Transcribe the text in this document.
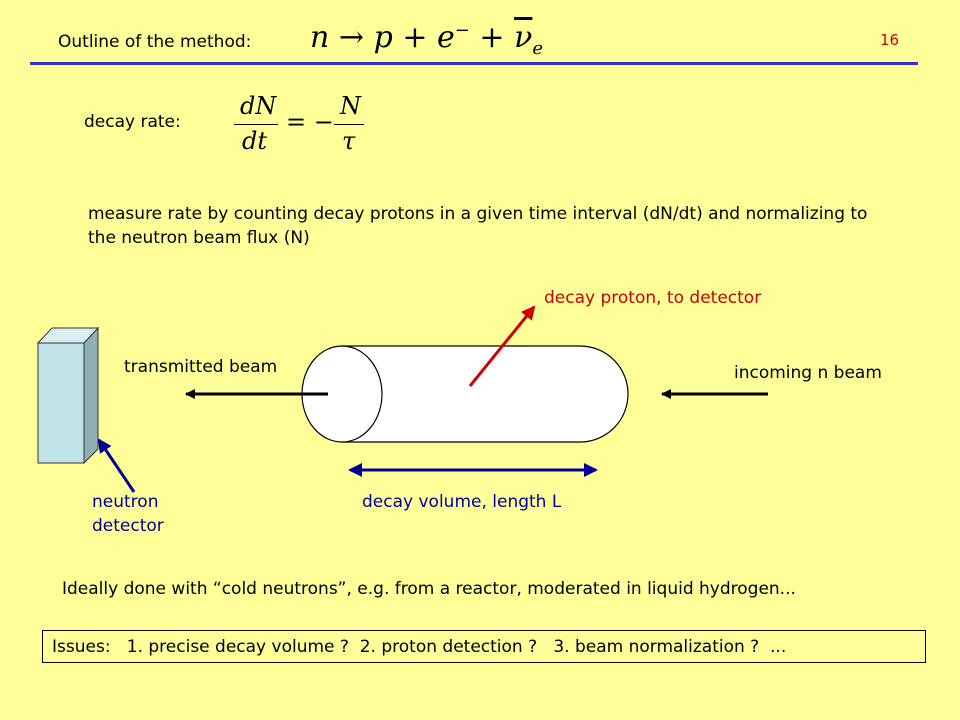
Outline of the method: $n \to p + e^- + \overline{\nu}_e$	16
decay rate:
dN
dt
= −
N
τ
measure rate by counting decay protons in a given time interval (dN/dt) and normalizing to the neutron beam flux (N)
decay proton, to detector
transmitted beam	incoming n beam
neutron
detector
decay volume, length L
Ideally done with “cold neutrons”, e.g. from a reactor, moderated in liquid hydrogen...
Issues:   1. precise decay volume ?  2. proton detection ?   3. beam normalization ?  ...
